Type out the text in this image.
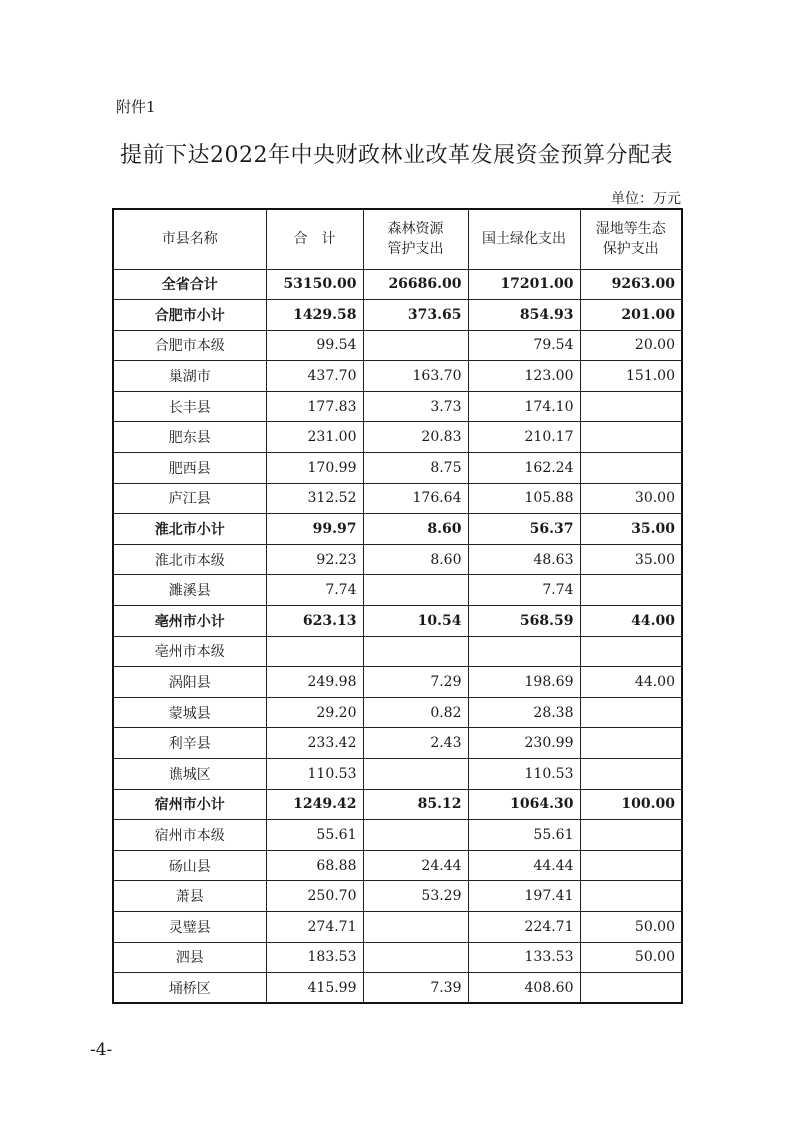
附件1
提前下达2022年中央财政林业改革发展资金预算分配表
单位：万元
市县名称	合　计	森林资源管护支出	国土绿化支出	湿地等生态保护支出
全省合计	53150.00	26686.00	17201.00	9263.00
合肥市小计	1429.58	373.65	854.93	201.00
合肥市本级	99.54		79.54	20.00
巢湖市	437.70	163.70	123.00	151.00
长丰县	177.83	3.73	174.10	
肥东县	231.00	20.83	210.17	
肥西县	170.99	8.75	162.24	
庐江县	312.52	176.64	105.88	30.00
淮北市小计	99.97	8.60	56.37	35.00
淮北市本级	92.23	8.60	48.63	35.00
濉溪县	7.74		7.74	
亳州市小计	623.13	10.54	568.59	44.00
亳州市本级				
涡阳县	249.98	7.29	198.69	44.00
蒙城县	29.20	0.82	28.38	
利辛县	233.42	2.43	230.99	
谯城区	110.53		110.53	
宿州市小计	1249.42	85.12	1064.30	100.00
宿州市本级	55.61		55.61	
砀山县	68.88	24.44	44.44	
萧县	250.70	53.29	197.41	
灵璧县	274.71		224.71	50.00
泗县	183.53		133.53	50.00
埇桥区	415.99	7.39	408.60	
-4-
